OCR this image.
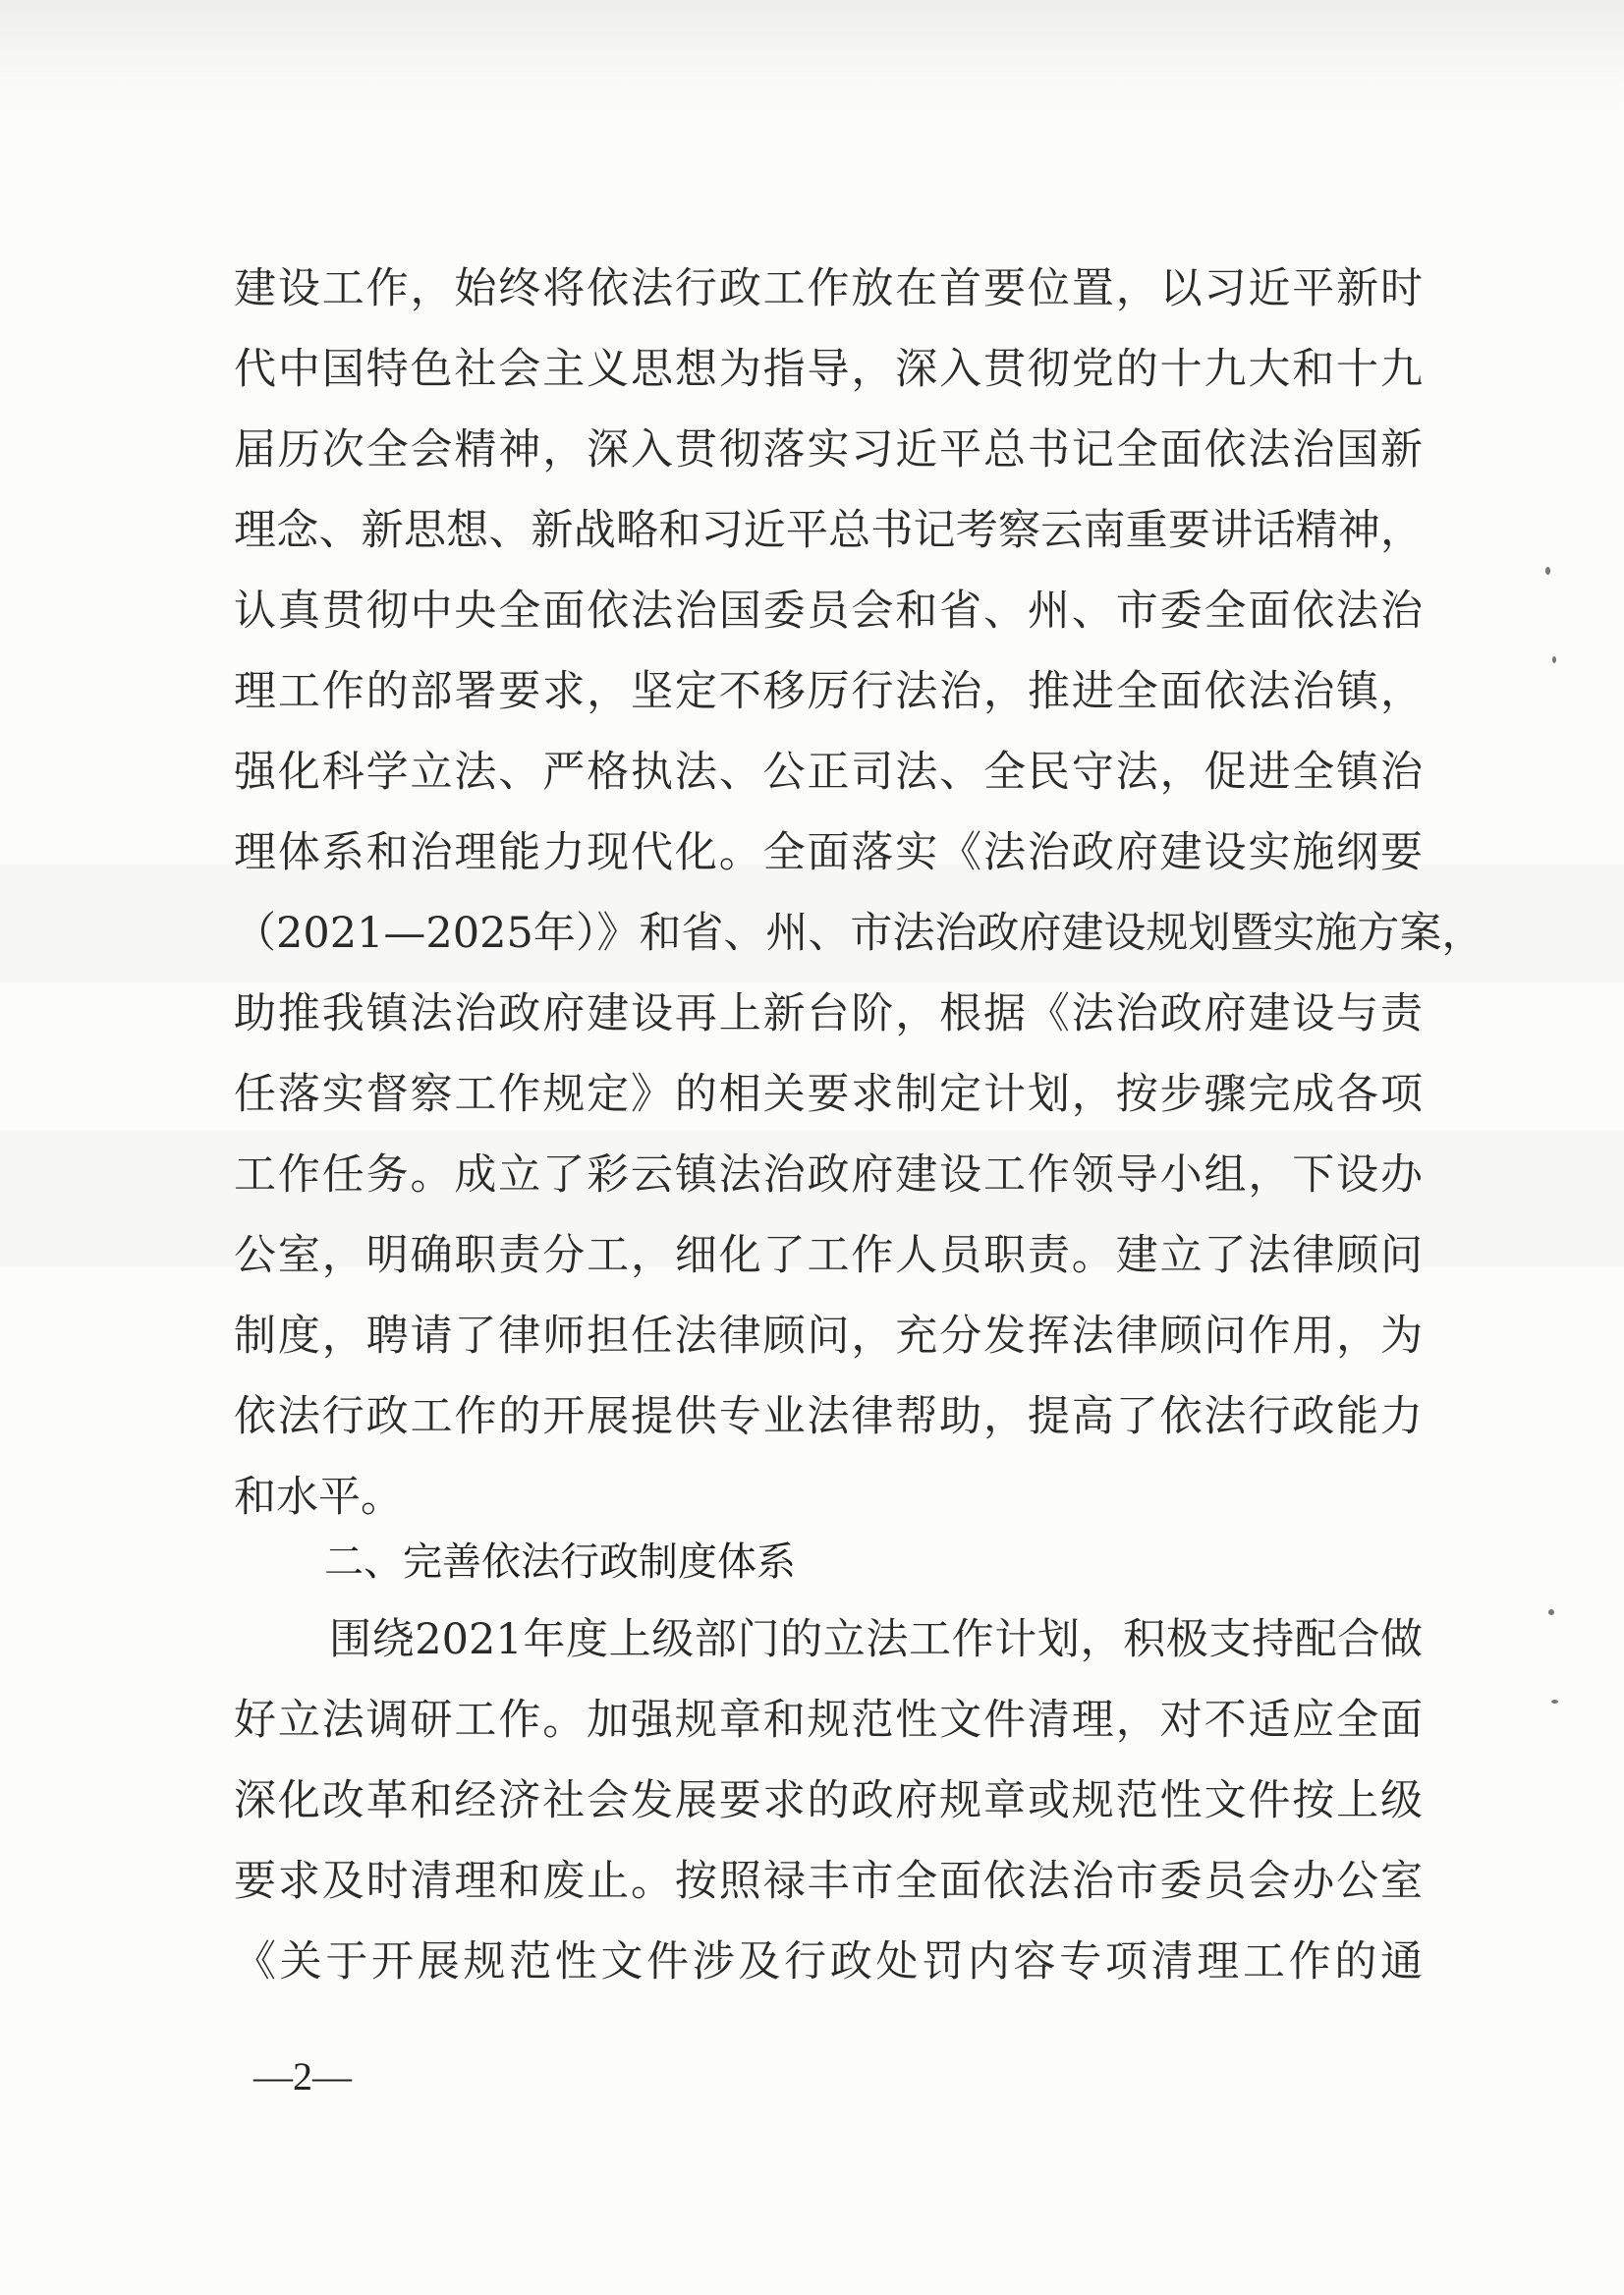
建设工作，始终将依法行政工作放在首要位置，以习近平新时
代中国特色社会主义思想为指导，深入贯彻党的十九大和十九
届历次全会精神，深入贯彻落实习近平总书记全面依法治国新
理念、新思想、新战略和习近平总书记考察云南重要讲话精神，
认真贯彻中央全面依法治国委员会和省、州、市委全面依法治
理工作的部署要求，坚定不移厉行法治，推进全面依法治镇，
强化科学立法、严格执法、公正司法、全民守法，促进全镇治
理体系和治理能力现代化。全面落实《法治政府建设实施纲要
（2021—2025年）》和省、州、市法治政府建设规划暨实施方案，
助推我镇法治政府建设再上新台阶，根据《法治政府建设与责
任落实督察工作规定》的相关要求制定计划，按步骤完成各项
工作任务。成立了彩云镇法治政府建设工作领导小组，下设办
公室，明确职责分工，细化了工作人员职责。建立了法律顾问
制度，聘请了律师担任法律顾问，充分发挥法律顾问作用，为
依法行政工作的开展提供专业法律帮助，提高了依法行政能力
和水平。
二、完善依法行政制度体系
围绕2021年度上级部门的立法工作计划，积极支持配合做
好立法调研工作。加强规章和规范性文件清理，对不适应全面
深化改革和经济社会发展要求的政府规章或规范性文件按上级
要求及时清理和废止。按照禄丰市全面依法治市委员会办公室
《关于开展规范性文件涉及行政处罚内容专项清理工作的通
—2—
